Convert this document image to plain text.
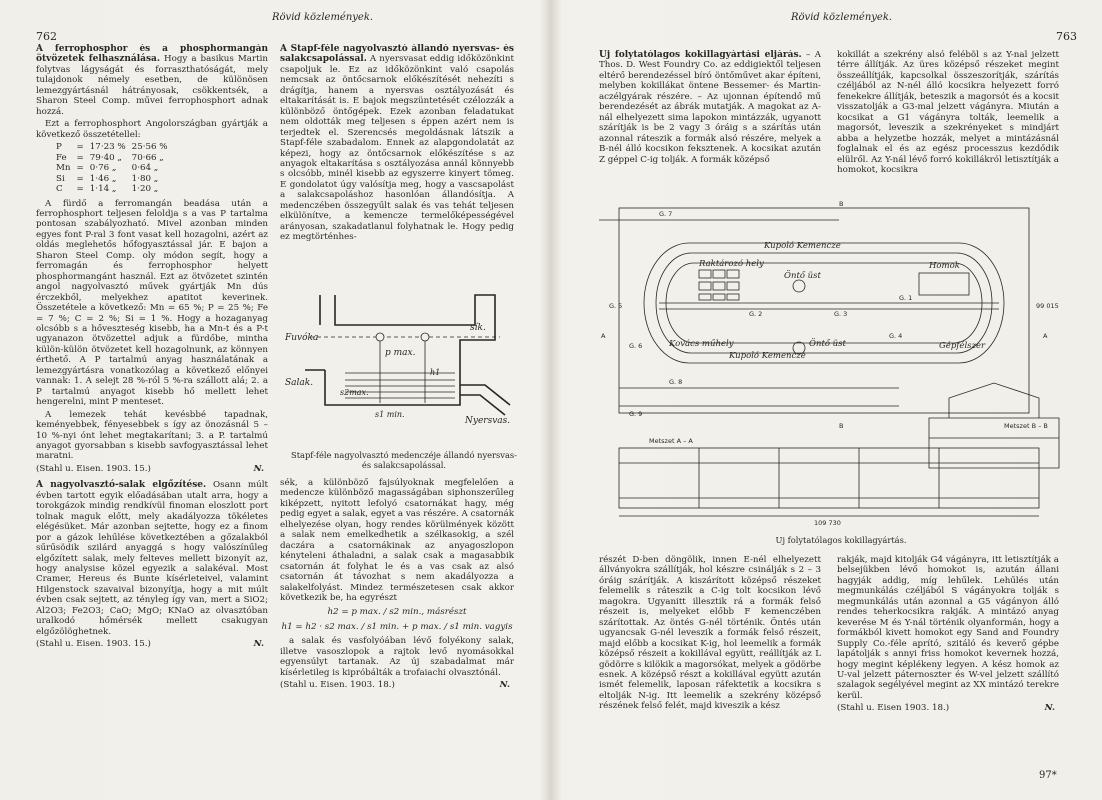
762
Rövid közlemények.

A ferrophosphor és a phosphormangán ötvözetek felhasználása. Hogy a basikus Martin folytvas lágyságát és forraszthatóságát, mely tulajdonok némely esetben, de különösen lemezgyártásnál hátrányosak, csökkentsék, a Sharon Steel Comp. művei ferrophosphort adnak hozzá.

Ezt a ferrophosphort Angolországban gyártják a következő összetétellel:

P	=	17·23 %	25·56 %
Fe	=	79·40 „	70·66 „
Mn	=	0·76 „	0·64 „
Si	=	1·46 „	1·80 „
C	=	1·14 „	1·20 „

A fürdő a ferromangán beadása után a ferrophosphort teljesen feloldja s a vas P tartalma pontosan szabályozható. Mivel azonban minden egyes font P-ral 3 font vasat kell hozagolni, azért az oldás meglehetős hőfogyasztással jár. E bajon a Sharon Steel Comp. oly módon segít, hogy a ferromagán és ferrophosphor helyett phosphormangánt használ. Ezt az ötvözetet szintén angol nagyolvasztó művek gyártják Mn dús érczekből, melyekhez apatitot keverinek. Összetétele a következő: Mn = 65 %; P = 25 %; Fe = 7 %; C = 2 %; Si = 1 %. Hogy a hozaganyag olcsóbb s a hőveszteség kisebb, ha a Mn-t és a P-t ugyanazon ötvözettel adjuk a fürdőbe, mintha külön-külön ötvözetet kell hozagolnunk, az könnyen érthető. A P tartalmú anyag használatának a lemezgyártásra vonatkozólag a következő előnyei vannak: 1. A selejt 28 %-ról 5 %-ra szállott alá; 2. a P tartalmú anyagot kisebb hő mellett lehet hengerelni, mint P menteset.

A lemezek tehát kevésbbé tapadnak, keményebbek, fényesebbek s így az önozásnál 5 – 10 %-nyi ónt lehet megtakarítani; 3. a P. tartalmú anyagot gyorsabban s kisebb savfogyasztással lehet maratni.

(Stahl u. Eisen. 1903. 15.)	N.

A nagyolvasztó-salak elgőzítése. Osann múlt évben tartott egyik előadásában utalt arra, hogy a torokgázok mindig rendkívül finoman eloszlott port tolnak maguk előtt, mely akadályozza tökéletes elégésüket. Már azonban sejtette, hogy ez a finom por a gázok lehűlése következtében a gőzalakból sűrűsödik szilárd anyaggá s hogy valószínűleg elgőzített salak, mely felteves mellett bizonyít az, hogy analysise közel egyezik a salakéval. Most Cramer, Hereus és Bunte kísérleteivel, valamint Hilgenstock szavaival bizonyítja, hogy a mit múlt évben csak sejtett, az tényleg így van, mert a SiO2; Al2O3; Fe2O3; CaO; MgO; KNaO az olvasztóban uralkodó hőmérsék mellett csakugyan elgőzölöghetnek.

(Stahl u. Eisen. 1903. 15.)	N.

A Stapf-féle nagyolvasztó állandó nyersvas- és salakcsapolással. A nyersvasat eddig időközönkint csapoljuk le. Ez az időközönkint való csapolás nemcsak az öntőcsarnok előkészítését nehezíti s drágítja, hanem a nyersvas osztályozását és eltakarítását is. E bajok megszüntetését czélozzák a különböző öntőgépek. Ezek azonban feladatukat nem oldották meg teljesen s éppen azért nem is terjedtek el. Szerencsés megoldásnak látszik a Stapf-féle szabadalom. Ennek az alapgondolatát az képezi, hogy az öntőcsarnok előkészítése s az anyagok eltakarítása s osztályozása annál könnyebb s olcsóbb, minél kisebb az egyszerre kinyert tömeg. E gondolatot úgy valósítja meg, hogy a vascsapolást a salakcsapoláshoz hasonlóan állandósítja. A medenczében összegyűlt salak és vas tehát teljesen elkülönítve, a kemencze termelőképességével arányosan, szakadatlanul folyhatnak le. Hogy pedig ez megtörténhes-

Fuvóka
Salak.
p max.
s2max.
h1
s1 min.
sík.
Nyersvas.
Stapf-féle nagyolvasztó medenczéje állandó nyersvas- és salakcsapolással.

sék, a különböző fajsúlyoknak megfelelően a medencze különböző magasságában siphonszerűleg kiképzett, nyitott lefolyó csatornákat hagy, még pedig egyet a salak, egyet a vas részére. A csatornák elhelyezése olyan, hogy rendes körülmények között a salak nem emelkedhetik a szélkasokig, a szél daczára a csatornákinak az anyagoszlopon kényteleni áthaladni, a salak csak a magasabbik csatornán át folyhat le és a vas csak az alsó csatornán át távozhat s nem akadályozza a salakelfolyást. Mindez természetesen csak akkor következik be, ha egyrészt

h2 = p max. / s2 min., másrészt
h1 = h2 · s2 max. / s1 min. + p max. / s1 min. vagyis

a salak és vasfolyóában lévő folyékony salak, illetve vasoszlopok a rajtok levő nyomásokkal egyensúlyt tartanak. Az új szabadalmat már kísérletileg is kipróbálták a trofaiachi olvasztónál.

(Stahl u. Eisen. 1903. 18.)	N.
Rövid közlemények.
763

Uj folytatólagos kokillagyártási eljárás. – A Thos. D. West Foundry Co. az eddigiektől teljesen eltérő berendezéssel bíró öntőművet akar építeni, melyben kokillákat öntene Bessemer- és Martin-aczélgyárak részére. – Az ujonnan építendő mű berendezését az ábrák mutatják. A magokat az A-nál elhelyezett sima lapokon mintázzák, ugyanott szárítják is be 2 vagy 3 óráig s a szárítás után azonnal ráteszik a formák alsó részére, melyek a B-nél álló kocsikon feksztenek. A kocsikat azután Z géppel C-ig tolják. A formák középső

kokillát a szekrény alsó felébõl s az Y-nal jelzett térre állítják. Az üres középső részeket megint összeállítják, kapcsolkal összeszorítják, szárítás czéljából az N-nél álló kocsikra helyezett forró fenekekre állítják, beteszik a magorsót és a kocsit visszatolják a G3-mal jelzett vágányra. Miután a kocsikat a G1 vágányra tolták, leemelik a magorsót, leveszik a szekrényeket s mindjárt abba a helyzetbe hozzák, melyet a mintázásnál foglalnak el és az egész processzus kezdődik elülről. Az Y-nál lévő forró kokillákról letisztítják a homokot, kocsikra

Kupoló Kemencze
Raktározó hely	Homok
Öntő üst
Kovács műhely	Öntő üst
Kupoló Kemencze
Gépfélszer
G. 7
G. 5
G. 2	G. 3
G. 1
G. 4
G. 6
G. 8
G. 9
99 015
A	A
B
B	Metszet B – B
Metszet A – A
109 730
Uj folytatólagos kokillagyártás.

részét D-ben döngölik, innen E-nél elhelyezett állványokra szállítják, hol készre csinálják s 2 – 3 óráig szárítják. A kiszárított középső részeket felemelik s ráteszik a C-ig tolt kocsikon lévő magokra. Ugyanitt illesztik rá a formák felső részeit is, melyeket előbb F kemenczében szárítottak. Az öntés G-nél történik. Öntés után ugyancsak G-nél leveszik a formák felső részeit, majd előbb a kocsikat K-ig, hol leemelik a formák középső részeit a kokillával együtt, reállítják az L gödörre s kilökik a magorsókat, melyek a gödörbe esnek. A középső részt a kokillával együtt azután ismét felemelik, laposan ráfektetik a kocsikra s eltolják N-ig. Itt leemelik a szekrény középső részének felső felét, majd kiveszik a kész

rakják, majd kitolják G4 vágányra, itt letisztítják a belsejükben lévő homokot is, azután állani hagyják addig, míg lehűlek. Lehűlés után megmunkálás czéljából S vágányokra tolják s megmunkálás után azonnal a G5 vágányon álló rendes teherkocsikra rakják. A mintázó anyag keverése M és Y-nál történik olyanformán, hogy a formákból kivett homokot egy Sand and Foundry Supply Co.-féle aprító, szitáló és keverő gépbe lapátolják s annyi friss homokot kevernek hozzá, hogy megint képlékeny legyen. A kész homok az U-val jelzett páternoszter és W-vel jelzett szállító szalagok segélyével megint az XX mintázó terekre kerül.

(Stahl u. Eisen 1903. 18.)	N.
97*
